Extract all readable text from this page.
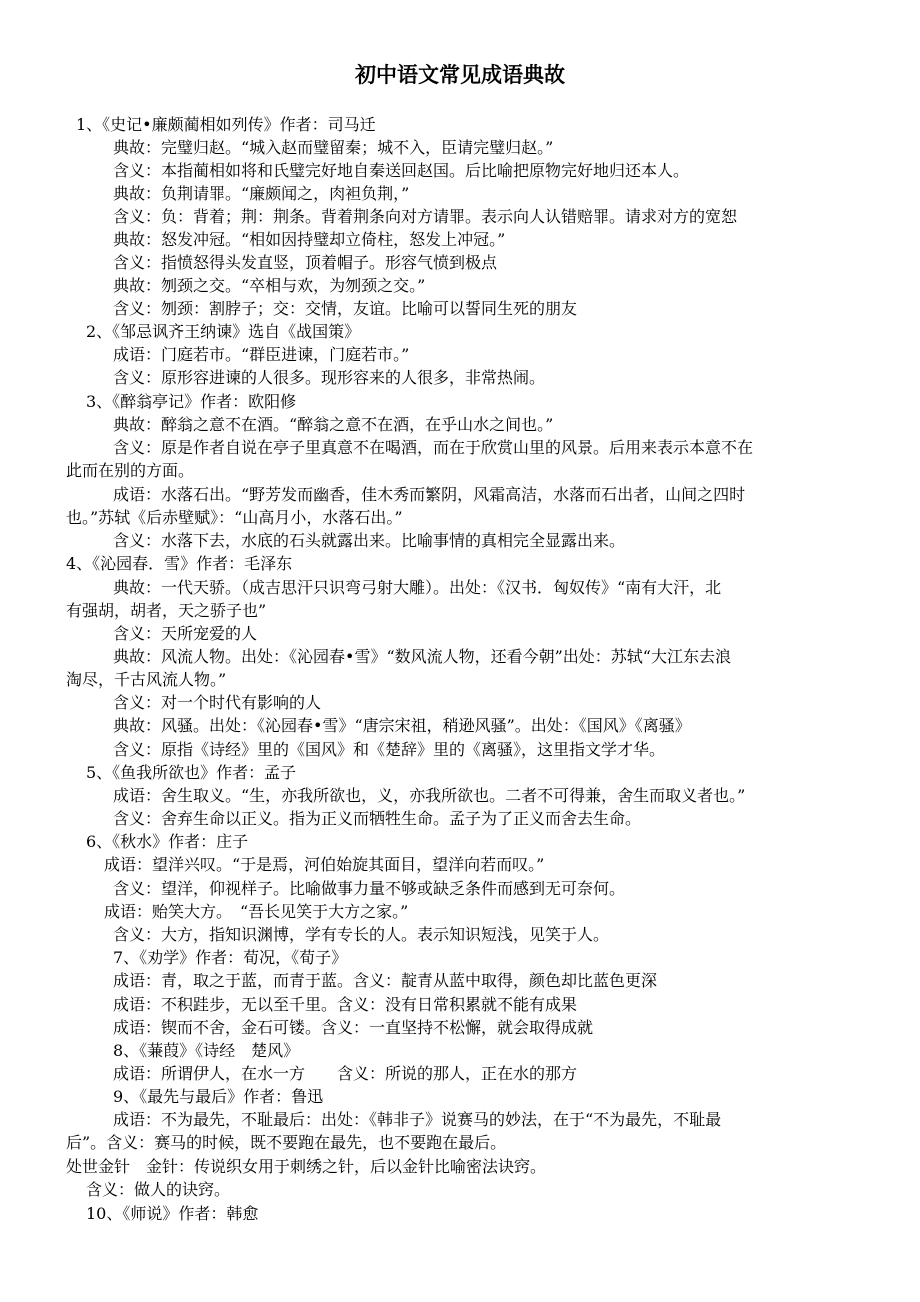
初中语文常见成语典故
1、《史记•廉颇蔺相如列传》作者：司马迁
典故：完璧归赵。“城入赵而璧留秦；城不入，臣请完璧归赵。”
含义：本指蔺相如将和氏璧完好地自秦送回赵国。后比喻把原物完好地归还本人。
典故：负荆请罪。“廉颇闻之，肉袒负荆，”
含义：负：背着；荆：荆条。背着荆条向对方请罪。表示向人认错赔罪。请求对方的宽恕
典故：怒发冲冠。“相如因持璧却立倚柱，怒发上冲冠。”
含义：指愤怒得头发直竖，顶着帽子。形容气愤到极点
典故：刎颈之交。“卒相与欢，为刎颈之交。”
含义：刎颈：割脖子；交：交情，友谊。比喻可以誓同生死的朋友
2、《邹忌讽齐王纳谏》选自《战国策》
成语：门庭若市。“群臣进谏，门庭若市。”
含义：原形容进谏的人很多。现形容来的人很多，非常热闹。
3、《醉翁亭记》作者：欧阳修
典故：醉翁之意不在酒。“醉翁之意不在酒，在乎山水之间也。”
含义：原是作者自说在亭子里真意不在喝酒，而在于欣赏山里的风景。后用来表示本意不在
此而在别的方面。
成语：水落石出。“野芳发而幽香，佳木秀而繁阴，风霜高洁，水落而石出者，山间之四时
也。”苏轼《后赤壁赋》：“山高月小，水落石出。”
含义：水落下去，水底的石头就露出来。比喻事情的真相完全显露出来。
4、《沁园春．雪》作者：毛泽东
典故：一代天骄。（成吉思汗只识弯弓射大雕）。出处：《汉书．匈奴传》“南有大汗，北
有强胡，胡者，天之骄子也”
含义：天所宠爱的人
典故：风流人物。出处：《沁园春•雪》“数风流人物，还看今朝”出处：苏轼“大江东去浪
淘尽，千古风流人物。”
含义：对一个时代有影响的人
典故：风骚。出处：《沁园春•雪》“唐宗宋祖，稍逊风骚”。出处：《国风》《离骚》
含义：原指《诗经》里的《国风》和《楚辞》里的《离骚》，这里指文学才华。
5、《鱼我所欲也》作者：孟子
成语：舍生取义。“生，亦我所欲也，义，亦我所欲也。二者不可得兼，舍生而取义者也。”
含义：舍弃生命以正义。指为正义而牺牲生命。孟子为了正义而舍去生命。
6、《秋水》作者：庄子
成语：望洋兴叹。“于是焉，河伯始旋其面目，望洋向若而叹。”
含义：望洋，仰视样子。比喻做事力量不够或缺乏条件而感到无可奈何。
成语：贻笑大方。　“吾长见笑于大方之家。”
含义：大方，指知识渊博，学有专长的人。表示知识短浅，见笑于人。
7、《劝学》作者：荀况，《荀子》
成语：青，取之于蓝，而青于蓝。含义：靛青从蓝中取得，颜色却比蓝色更深
成语：不积跬步，无以至千里。含义：没有日常积累就不能有成果
成语：锲而不舍，金石可镂。含义：一直坚持不松懈，就会取得成就
8、《蒹葭》《诗经　楚风》
成语：所谓伊人，在水一方　　含义：所说的那人，正在水的那方
9、《最先与最后》作者：鲁迅
成语：不为最先，不耻最后：出处：《韩非子》说赛马的妙法，在于“不为最先，不耻最
后”。含义：赛马的时候，既不要跑在最先，也不要跑在最后。
处世金针　金针：传说织女用于刺绣之针，后以金针比喻密法诀窍。
含义：做人的诀窍。
10、《师说》作者：韩愈
